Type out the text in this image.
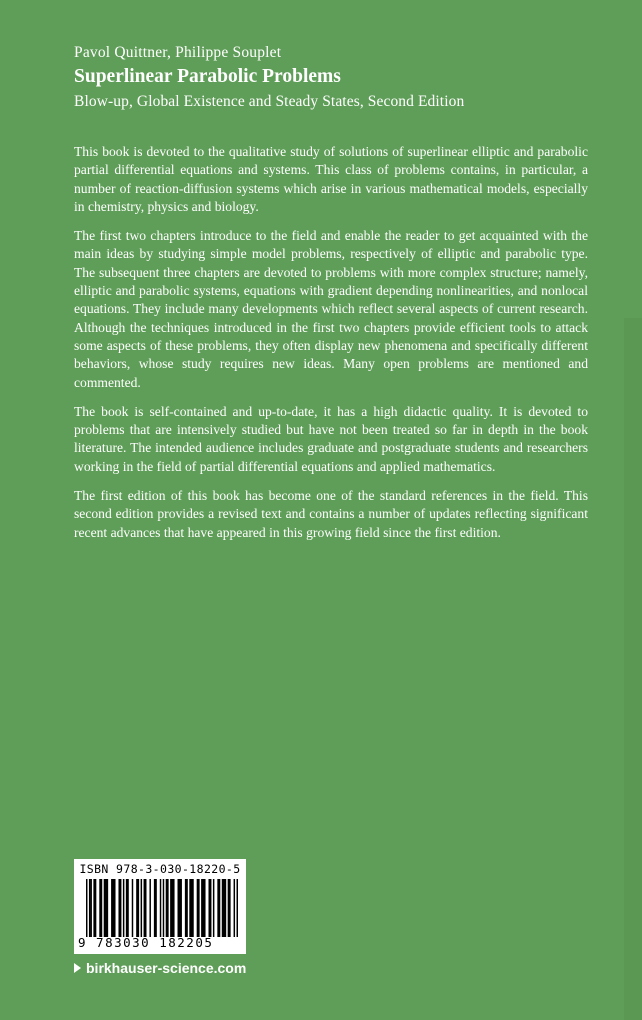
Pavol Quittner, Philippe Souplet
Superlinear Parabolic Problems
Blow-up, Global Existence and Steady States, Second Edition

This book is devoted to the qualitative study of solutions of superlinear elliptic and parabolic partial differential equations and systems. This class of problems contains, in particular, a number of reaction-diffusion systems which arise in various mathematical models, especially in chemistry, physics and biology.

The first two chapters introduce to the field and enable the reader to get acquainted with the main ideas by studying simple model problems, respectively of elliptic and parabolic type. The subsequent three chapters are devoted to problems with more complex structure; namely, elliptic and parabolic systems, equations with gradient depending nonlinearities, and nonlocal equations. They include many developments which reflect several aspects of current research. Although the techniques introduced in the first two chapters provide efficient tools to attack some aspects of these problems, they often display new phenomena and specifically different behaviors, whose study requires new ideas. Many open problems are mentioned and commented.

The book is self-contained and up-to-date, it has a high didactic quality. It is devoted to problems that are intensively studied but have not been treated so far in depth in the book literature. The intended audience includes graduate and postgraduate students and researchers working in the field of partial differential equations and applied mathematics.

The first edition of this book has become one of the standard references in the field. This second edition provides a revised text and contains a number of updates reflecting significant recent advances that have appeared in this growing field since the first edition.

ISBN 978-3-030-18220-5
9 783030 182205
birkhauser-science.com
